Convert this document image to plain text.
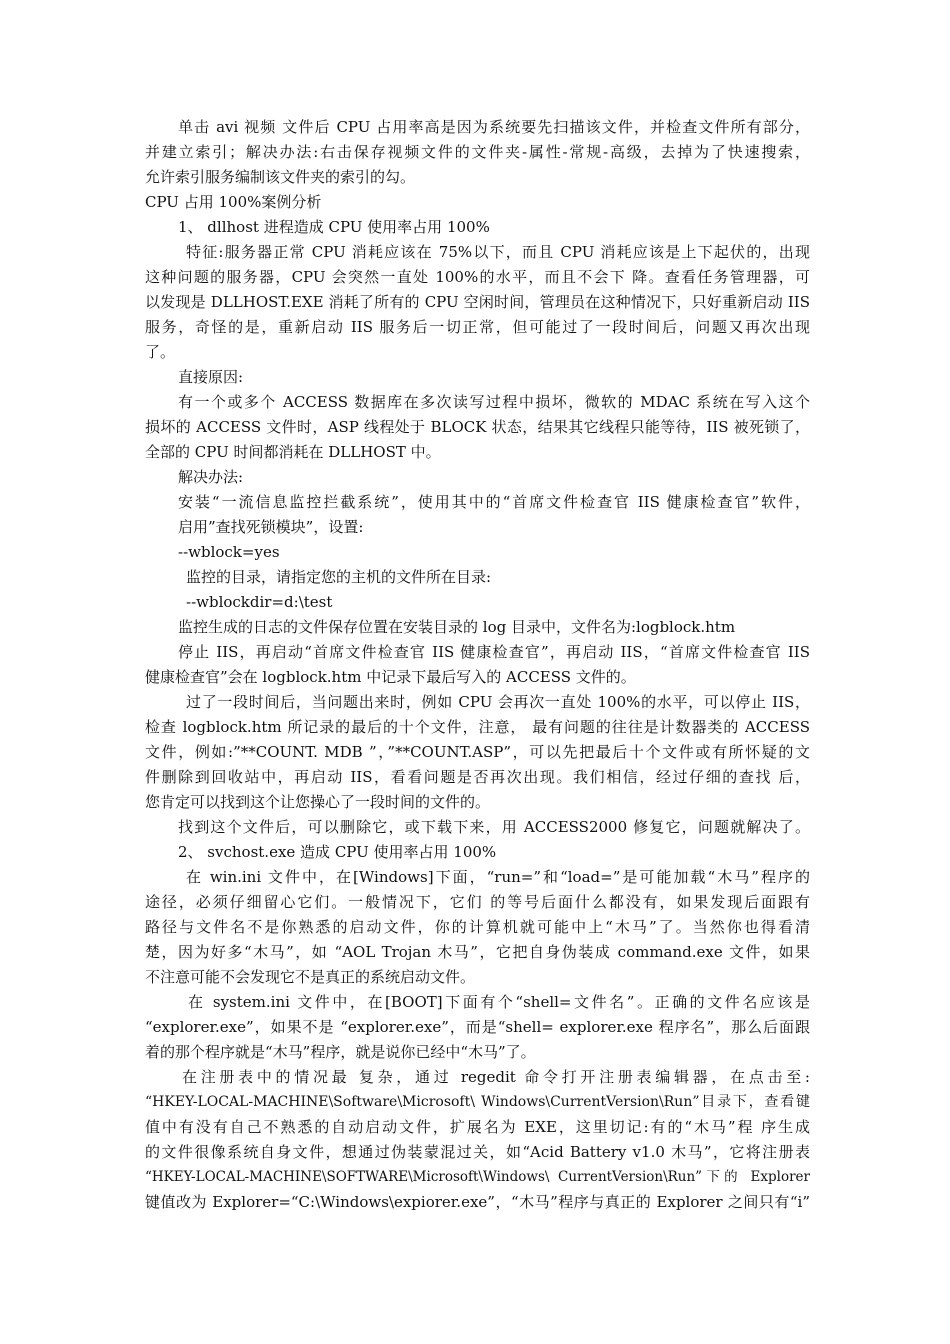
单击 avi 视频 文件后 CPU 占用率高是因为系统要先扫描该文件，并检查文件所有部分，
并建立索引；解决办法:右击保存视频文件的文件夹-属性-常规-高级，去掉为了快速搜索，
允许索引服务编制该文件夹的索引的勾。
CPU 占用 100%案例分析
1、 dllhost 进程造成 CPU 使用率占用 100%
特征:服务器正常 CPU 消耗应该在 75%以下，而且 CPU 消耗应该是上下起伏的，出现
这种问题的服务器，CPU 会突然一直处 100%的水平，而且不会下 降。查看任务管理器，可
以发现是 DLLHOST.EXE 消耗了所有的 CPU 空闲时间，管理员在这种情况下，只好重新启动 IIS
服务，奇怪的是，重新启动 IIS 服务后一切正常，但可能过了一段时间后，问题又再次出现
了。
直接原因:
有一个或多个 ACCESS 数据库在多次读写过程中损坏，微软的 MDAC 系统在写入这个
损坏的 ACCESS 文件时，ASP 线程处于 BLOCK 状态，结果其它线程只能等待，IIS 被死锁了，
全部的 CPU 时间都消耗在 DLLHOST 中。
解决办法:
安装“一流信息监控拦截系统”，使用其中的“首席文件检查官 IIS 健康检查官”软件，
启用”查找死锁模块”，设置:
--wblock=yes
监控的目录，请指定您的主机的文件所在目录:
--wblockdir=d:\test
监控生成的日志的文件保存位置在安装目录的 log 目录中，文件名为:logblock.htm
停止 IIS，再启动“首席文件检查官 IIS 健康检查官”，再启动 IIS，“首席文件检查官 IIS
健康检查官”会在 logblock.htm 中记录下最后写入的 ACCESS 文件的。
过了一段时间后，当问题出来时，例如 CPU 会再次一直处 100%的水平，可以停止 IIS，
检查 logblock.htm 所记录的最后的十个文件，注意， 最有问题的往往是计数器类的 ACCESS
文件，例如:”**COUNT. MDB ”，”**COUNT.ASP”，可以先把最后十个文件或有所怀疑的文
件删除到回收站中，再启动 IIS，看看问题是否再次出现。我们相信，经过仔细的查找 后，
您肯定可以找到这个让您操心了一段时间的文件的。
找到这个文件后，可以删除它，或下载下来，用 ACCESS2000 修复它，问题就解决了。
2、 svchost.exe 造成 CPU 使用率占用 100%
在 win.ini 文件中，在[Windows]下面，“run=”和“load=”是可能加载“木马”程序的
途径，必须仔细留心它们。一般情况下，它们 的等号后面什么都没有，如果发现后面跟有
路径与文件名不是你熟悉的启动文件，你的计算机就可能中上“木马”了。当然你也得看清
楚，因为好多“木马”，如 “AOL Trojan 木马”，它把自身伪装成 command.exe 文件，如果
不注意可能不会发现它不是真正的系统启动文件。
在 system.ini 文件中，在[BOOT]下面有个“shell=文件名”。正确的文件名应该是
“explorer.exe”，如果不是 “explorer.exe”，而是“shell= explorer.exe 程序名”，那么后面跟
着的那个程序就是“木马”程序，就是说你已经中“木马”了。
在注册表中的情况最 复杂，通过 regedit 命令打开注册表编辑器，在点击至:
“HKEY-LOCAL-MACHINE\Software\Microsoft\ Windows\CurrentVersion\Run”目录下，查看键
值中有没有自己不熟悉的自动启动文件，扩展名为 EXE，这里切记:有的“木马”程 序生成
的文件很像系统自身文件，想通过伪装蒙混过关，如“Acid Battery v1.0 木马”，它将注册表
“HKEY-LOCAL-MACHINE\SOFTWARE\Microsoft\Windows\ CurrentVersion\Run”下的 Explorer
键值改为 Explorer=“C:\Windows\expiorer.exe”，“木马”程序与真正的 Explorer 之间只有“i”
